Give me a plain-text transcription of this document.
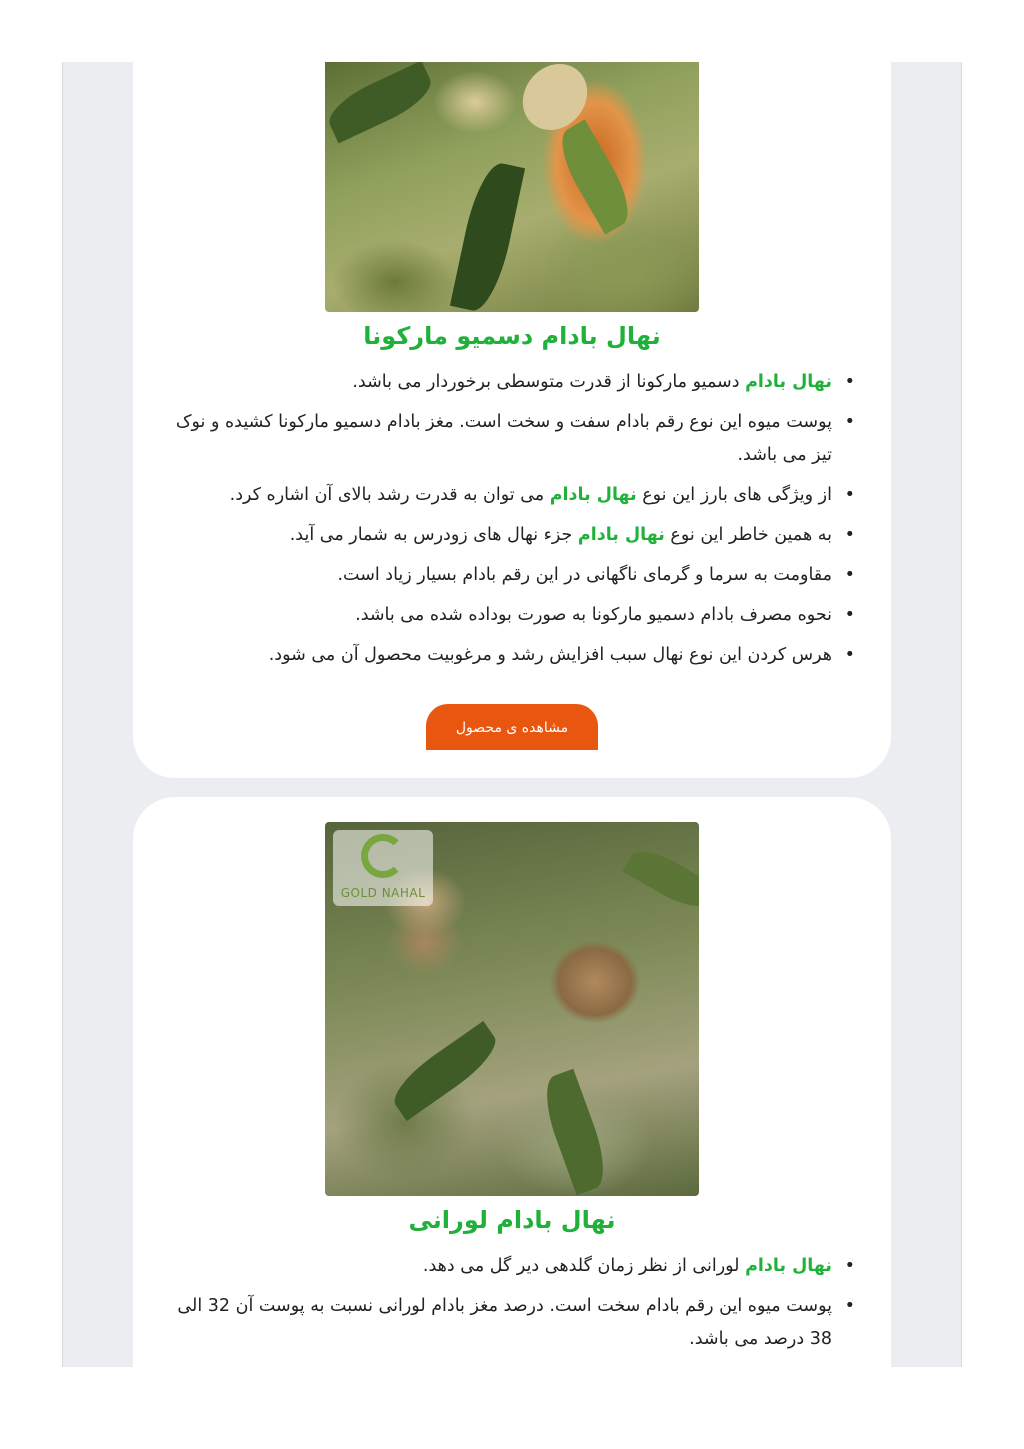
نهال بادام دسمیو مارکونا
• نهال بادام دسمیو مارکونا از قدرت متوسطی برخوردار می باشد.
• پوست میوه این نوع رقم بادام سفت و سخت است. مغز بادام دسمیو مارکونا کشیده و نوک تیز می باشد.
• از ویژگی های بارز این نوع نهال بادام می توان به قدرت رشد بالای آن اشاره کرد.
• به همین خاطر این نوع نهال بادام جزء نهال های زودرس به شمار می آید.
• مقاومت به سرما و گرمای ناگهانی در این رقم بادام بسیار زیاد است.
• نحوه مصرف بادام دسمیو مارکونا به صورت بوداده شده می باشد.
• هرس کردن این نوع نهال سبب افزایش رشد و مرغوبیت محصول آن می شود.
مشاهده ی محصول
GOLD NAHAL
نهال بادام لورانی
• نهال بادام لورانی از نظر زمان گلدهی دیر گل می دهد.
• پوست میوه این رقم بادام سخت است. درصد مغز بادام لورانی نسبت به پوست آن 32 الی 38 درصد می باشد.
